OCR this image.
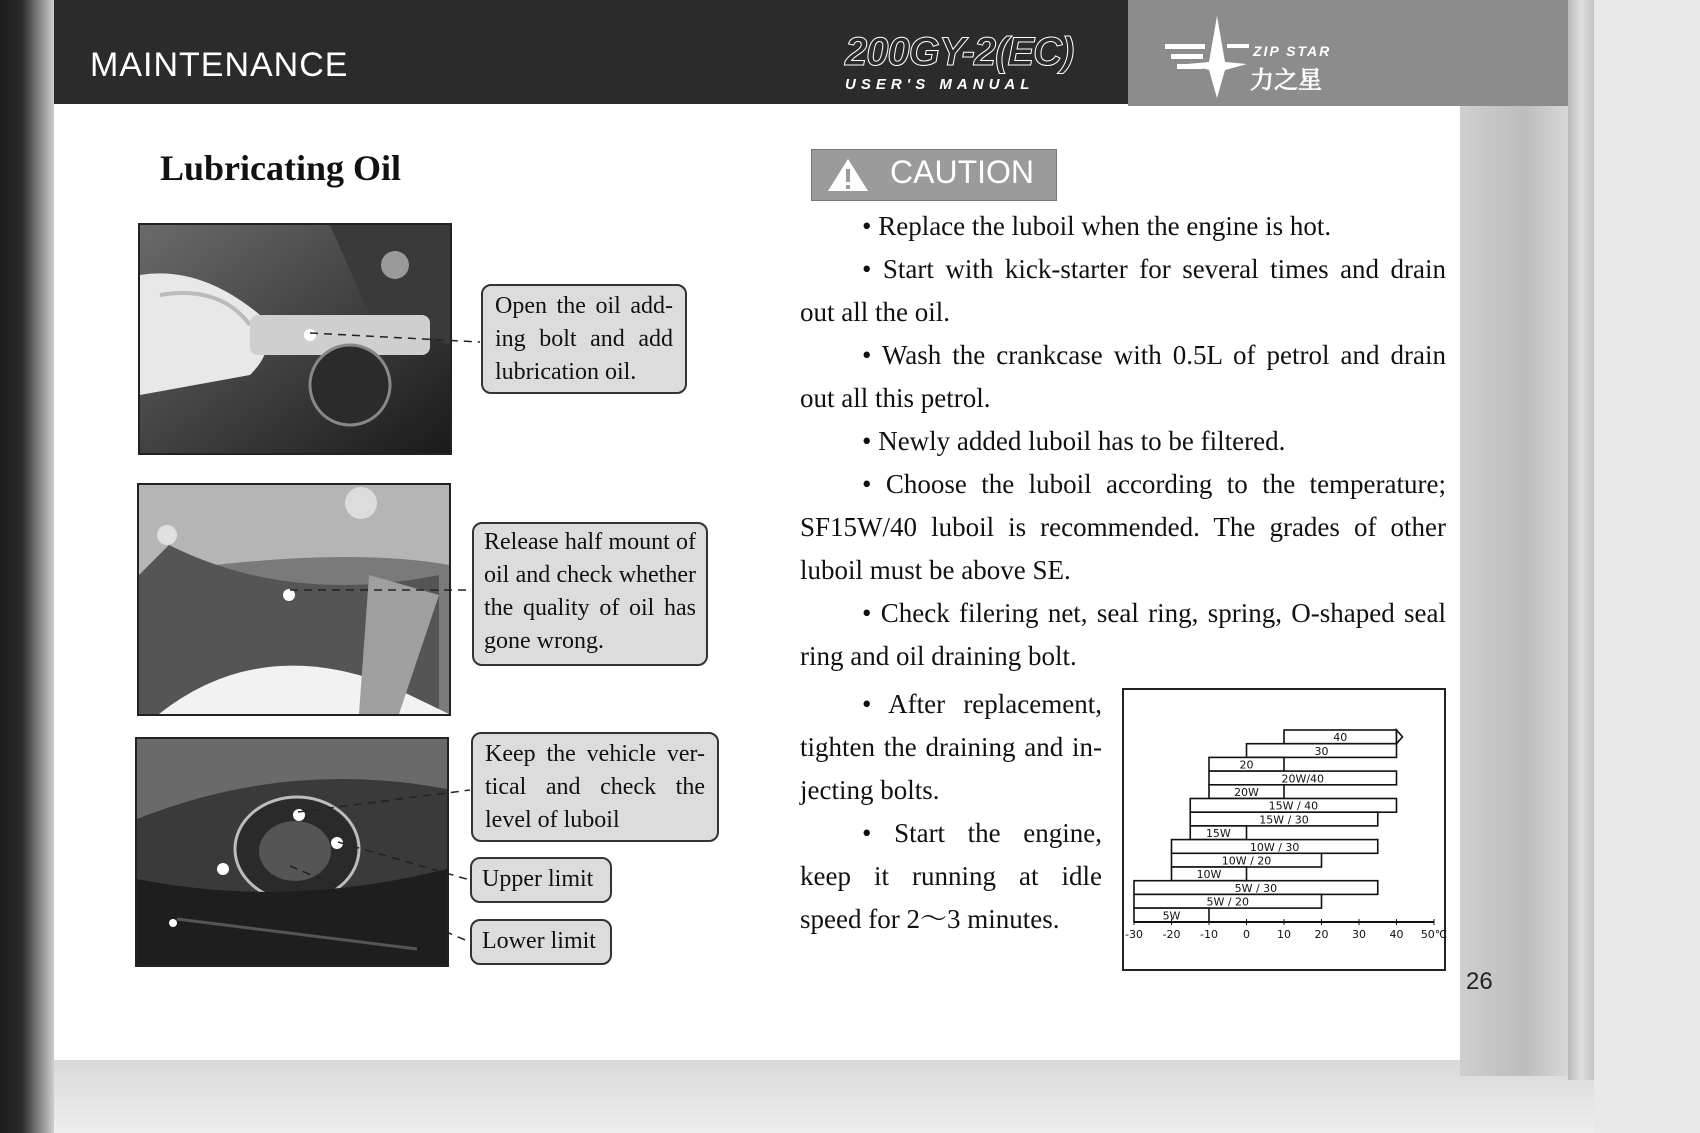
MAINTENANCE	200GY-2(EC)
USER'S MANUAL
ZIP STAR
力之星
26
Lubricating Oil
Open the oil add-ing bolt and add lubrication oil.
Release half mount of oil and check whether the quality of oil has gone wrong.
Keep the vehicle ver-tical and check the level of luboil
Upper limit
Lower limit
CAUTION

• Replace the luboil when the engine is hot.

• Start with kick-starter for several times and drain out all the oil.

• Wash the crankcase with 0.5L of petrol and drain out all this petrol.

• Newly added luboil has to be filtered.

• Choose the luboil according to the temperature; SF15W/40 luboil is recommended. The grades of other luboil must be above SE.

• Check filering net, seal ring, spring, O-shaped seal ring and oil draining bolt.

• After replacement, tighten the draining and in-jecting bolts.

• Start the engine, keep it running at idle speed for 2～3 minutes.

40
30
20
20W/40
20W
15W / 40
15W / 30
15W
10W / 30
10W / 20
10W
5W / 30
5W / 20
5W
-30 -20 -10 0 10 20 30 40 50℃
